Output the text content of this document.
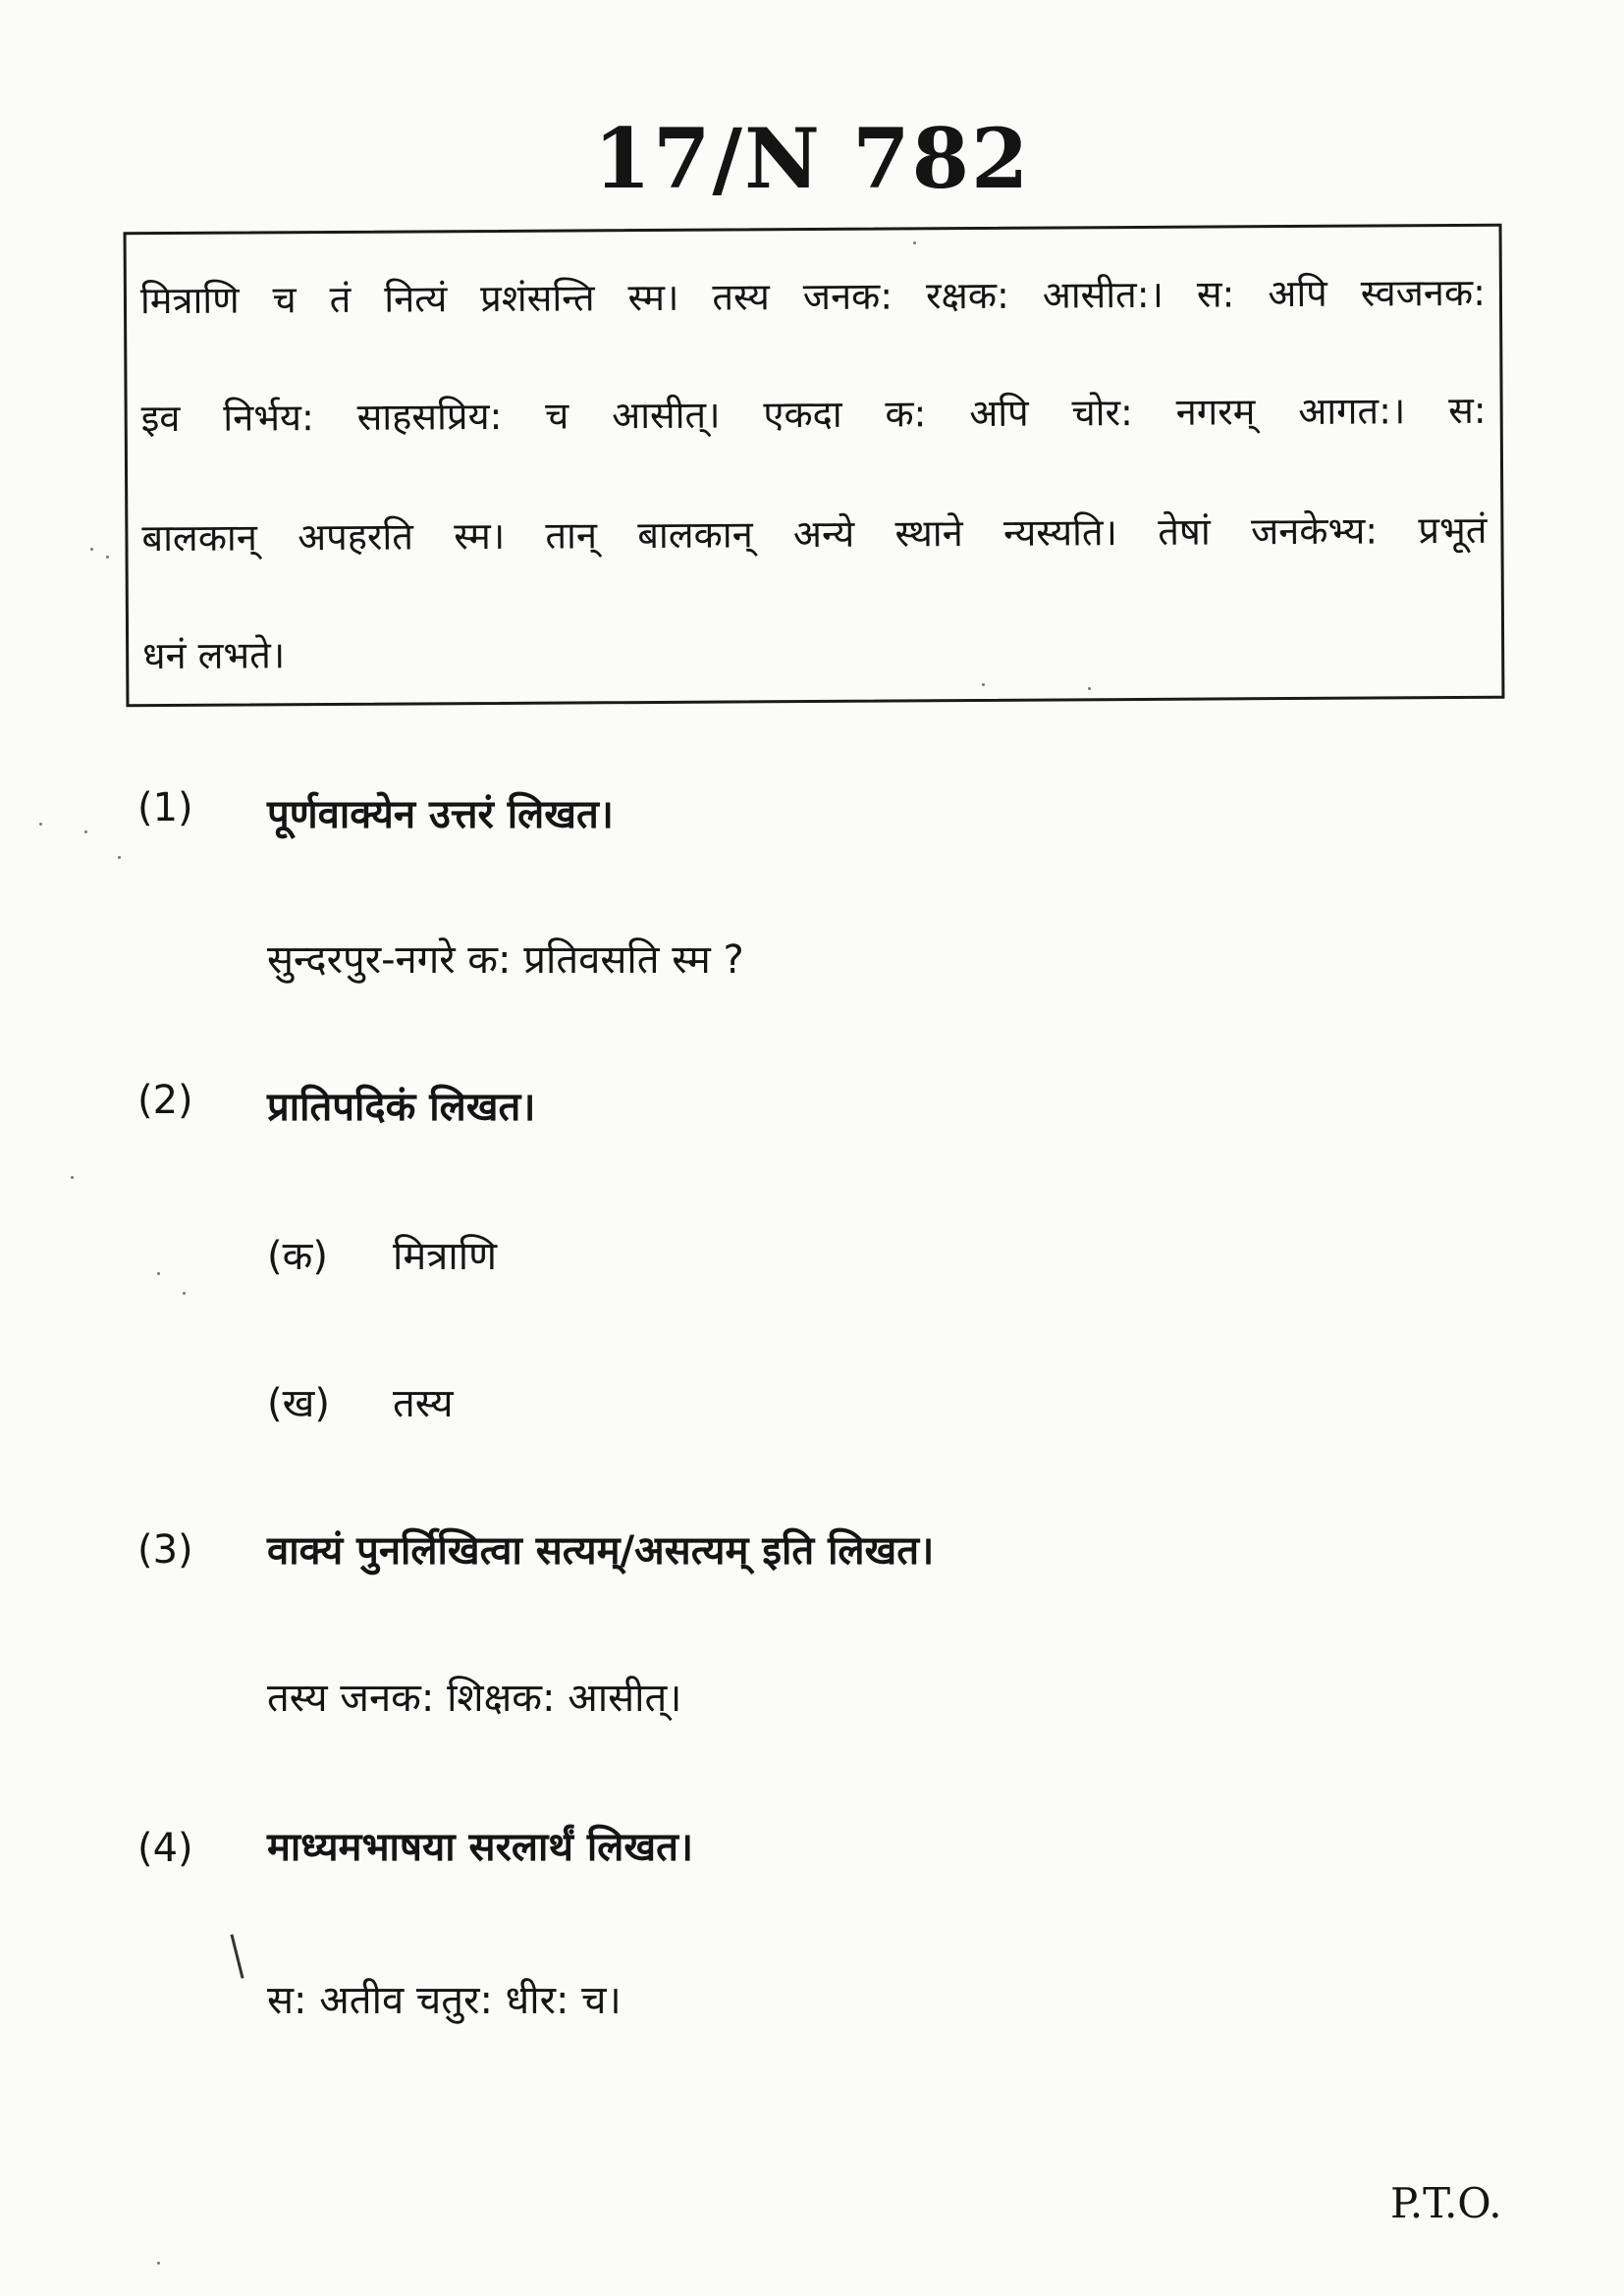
17/N 782
मित्राणि च तं नित्यं प्रशंसन्ति स्म। तस्य जनक: रक्षक: आसीत:। स: अपि स्वजनक:
इव निर्भय: साहसप्रिय: च आसीत्। एकदा क: अपि चोर: नगरम् आगत:। स:
बालकान् अपहरति स्म। तान् बालकान् अन्ये स्थाने न्यस्यति। तेषां जनकेभ्य: प्रभूतं
धनं लभते।
(1) पूर्णवाक्येन उत्तरं लिखत।
सुन्दरपुर-नगरे क: प्रतिवसति स्म ?
(2) प्रातिपदिकं लिखत।
(क) मित्राणि
(ख) तस्य
(3) वाक्यं पुनर्लिखित्वा सत्यम्/असत्यम् इति लिखत।
तस्य जनक: शिक्षक: आसीत्।
(4) माध्यमभाषया सरलार्थं लिखत।
स: अतीव चतुर: धीर: च।
P.T.O.
